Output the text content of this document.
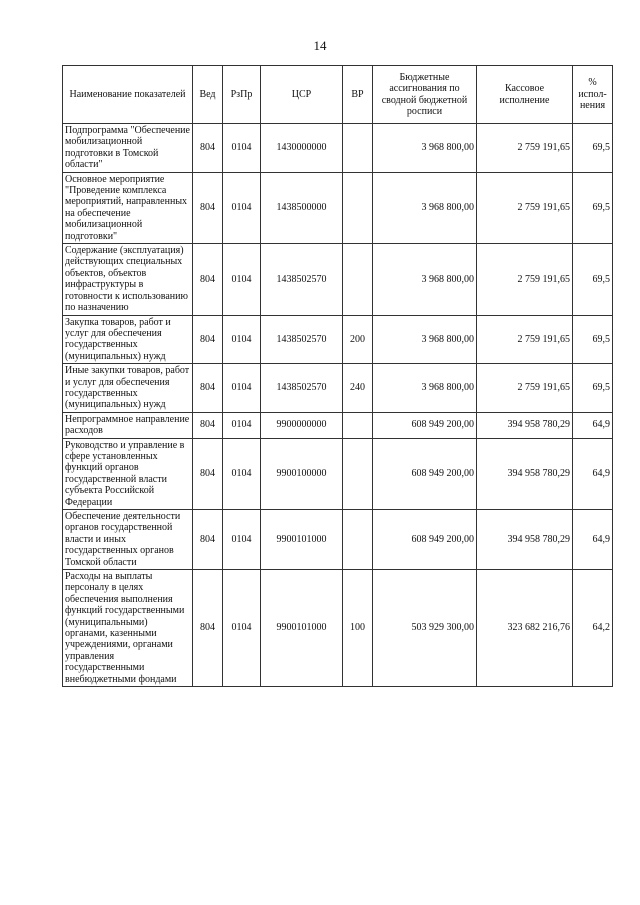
14
Наименование показателей	Вед	РзПр	ЦСР	ВР	Бюджетные ассигнования по сводной бюджетной росписи	Кассовое исполнение	% испол-нения
Подпрограмма "Обеспечение мобилизационной подготовки в Томской области"	804	0104	1430000000		3 968 800,00	2 759 191,65	69,5
Основное мероприятие "Проведение комплекса мероприятий, направленных на обеспечение мобилизационной подготовки"	804	0104	1438500000		3 968 800,00	2 759 191,65	69,5
Содержание (эксплуатация) действующих специальных объектов, объектов инфраструктуры в готовности к использованию по назначению	804	0104	1438502570		3 968 800,00	2 759 191,65	69,5
Закупка товаров, работ и услуг для обеспечения государственных (муниципальных) нужд	804	0104	1438502570	200	3 968 800,00	2 759 191,65	69,5
Иные закупки товаров, работ и услуг для обеспечения государственных (муниципальных) нужд	804	0104	1438502570	240	3 968 800,00	2 759 191,65	69,5
Непрограммное направление расходов	804	0104	9900000000		608 949 200,00	394 958 780,29	64,9
Руководство и управление в сфере установленных функций органов государственной власти субъекта Российской Федерации	804	0104	9900100000		608 949 200,00	394 958 780,29	64,9
Обеспечение деятельности органов государственной власти и иных государственных органов Томской области	804	0104	9900101000		608 949 200,00	394 958 780,29	64,9
Расходы на выплаты персоналу в целях обеспечения выполнения функций государственными (муниципальными) органами, казенными учреждениями, органами управления государственными внебюджетными фондами	804	0104	9900101000	100	503 929 300,00	323 682 216,76	64,2
